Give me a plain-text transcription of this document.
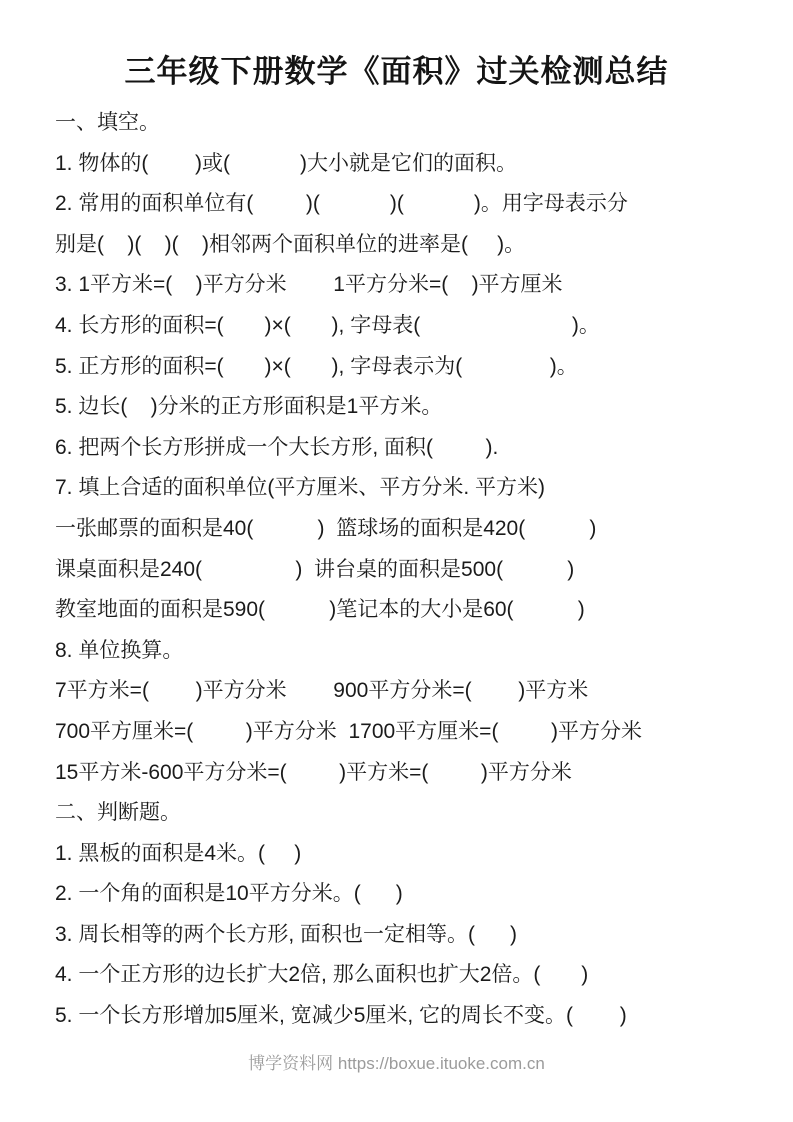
三年级下册数学《面积》过关检测总结

一、填空。

1. 物体的(        )或(            )大小就是它们的面积。

2. 常用的面积单位有(         )(            )(            )。用字母表示分

别是(    )(    )(    )相邻两个面积单位的进率是(     )。

3. 1平方米=(    )平方分米        1平方分米=(    )平方厘米

4. 长方形的面积=(       )×(       ), 字母表(                          )。

5. 正方形的面积=(       )×(       ), 字母表示为(               )。

5. 边长(    )分米的正方形面积是1平方米。

6. 把两个长方形拼成一个大长方形, 面积(         ).

7. 填上合适的面积单位(平方厘米、平方分米. 平方米)

一张邮票的面积是40(           )  篮球场的面积是420(           )

课桌面积是240(                )  讲台桌的面积是500(           )

教室地面的面积是590(           )笔记本的大小是60(           )

8. 单位换算。

7平方米=(        )平方分米        900平方分米=(        )平方米

700平方厘米=(         )平方分米  1700平方厘米=(         )平方分米

15平方米-600平方分米=(         )平方米=(         )平方分米

二、判断题。

1. 黑板的面积是4米。(     )

2. 一个角的面积是10平方分米。(      )

3. 周长相等的两个长方形, 面积也一定相等。(      )

4. 一个正方形的边长扩大2倍, 那么面积也扩大2倍。(       )

5. 一个长方形增加5厘米, 宽减少5厘米, 它的周长不变。(        )

博学资料网 https://boxue.ituoke.com.cn
